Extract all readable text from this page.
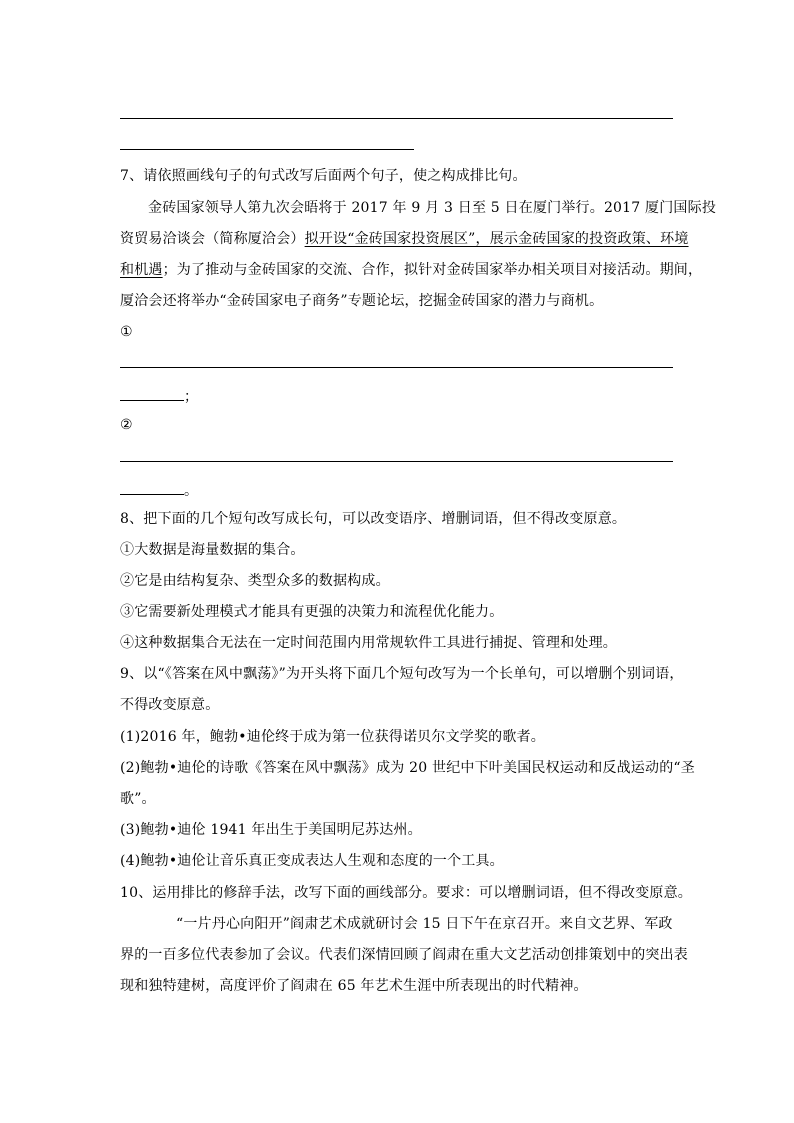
7、请依照画线句子的句式改写后面两个句子，使之构成排比句。
金砖国家领导人第九次会晤将于 2017 年 9 月 3 日至 5 日在厦门举行。2017 厦门国际投
资贸易洽谈会（简称厦洽会）拟开设“金砖国家投资展区”，展示金砖国家的投资政策、环境
和机遇；为了推动与金砖国家的交流、合作，拟针对金砖国家举办相关项目对接活动。期间，
厦洽会还将举办“金砖国家电子商务”专题论坛，挖掘金砖国家的潜力与商机。
①
；
②
。
8、把下面的几个短句改写成长句，可以改变语序、增删词语，但不得改变原意。
①大数据是海量数据的集合。
②它是由结构复杂、类型众多的数据构成。
③它需要新处理模式才能具有更强的决策力和流程优化能力。
④这种数据集合无法在一定时间范围内用常规软件工具进行捕捉、管理和处理。
9、以“《答案在风中飘荡》”为开头将下面几个短句改写为一个长单句，可以增删个别词语，
不得改变原意。
(1)2016 年，鲍勃•迪伦终于成为第一位获得诺贝尔文学奖的歌者。
(2)鲍勃•迪伦的诗歌《答案在风中飘荡》成为 20 世纪中下叶美国民权运动和反战运动的“圣
歌”。
(3)鲍勃•迪伦 1941 年出生于美国明尼苏达州。
(4)鲍勃•迪伦让音乐真正变成表达人生观和态度的一个工具。
10、运用排比的修辞手法，改写下面的画线部分。要求：可以增删词语，但不得改变原意。
“一片丹心向阳开”阎肃艺术成就研讨会 15 日下午在京召开。来自文艺界、军政
界的一百多位代表参加了会议。代表们深情回顾了阎肃在重大文艺活动创排策划中的突出表
现和独特建树，高度评价了阎肃在 65 年艺术生涯中所表现出的时代精神。
